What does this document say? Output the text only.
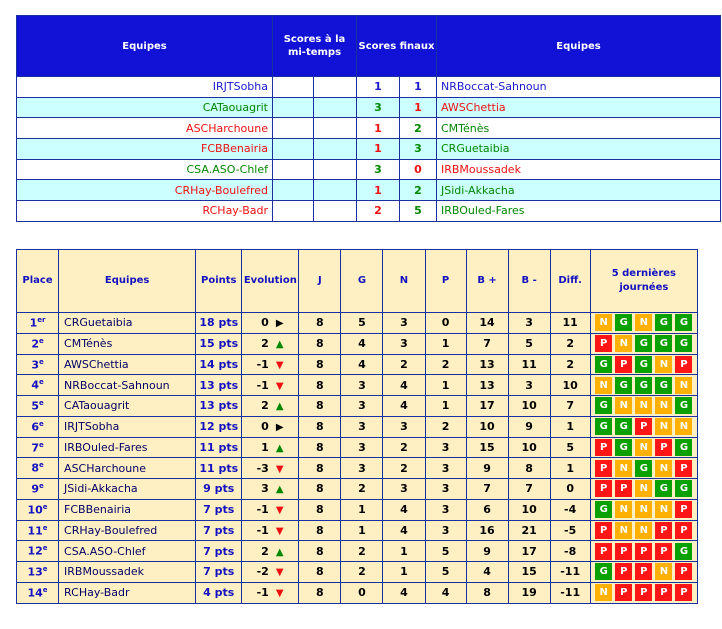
Equipes	Scores à la mi-temps		Scores finaux		Equipes
IRJTSobha			1	1	NRBoccat-Sahnoun
CATaouagrit			3	1	AWSChettia
ASCHarchoune			1	2	CMTénès
FCBBenairia			1	3	CRGuetaibia
CSA.ASO-Chlef			3	0	IRBMoussadek
CRHay-Boulefred			1	2	JSidi-Akkacha
RCHay-Badr			2	5	IRBOuled-Fares
Place	Equipes	Points	Evolution		J	G	N	P	B +	B -	Diff.	5 dernières journées
1er	CRGuetaibia	18 pts	0	▶	8	5	3	0	14	3	11	N G N G G

2e	CMTénès	15 pts	2	▲	8	4	3	1	7	5	2	P N G G G

3e	AWSChettia	14 pts	-1	▼	8	4	2	2	13	11	2	G P G N P

4e	NRBoccat-Sahnoun	13 pts	-1	▼	8	3	4	1	13	3	10	N G G G N

5e	CATaouagrit	13 pts	2	▲	8	3	4	1	17	10	7	G N N N G

6e	IRJTSobha	12 pts	0	▶	8	3	3	2	10	9	1	G G P N N

7e	IRBOuled-Fares	11 pts	1	▲	8	3	2	3	15	10	5	P G N P G

8e	ASCHarchoune	11 pts	-3	▼	8	3	2	3	9	8	1	P N G N P

9e	JSidi-Akkacha	9 pts	3	▲	8	2	3	3	7	7	0	P P N G G

10e	FCBBenairia	7 pts	-1	▼	8	1	4	3	6	10	-4	G N N N P

11e	CRHay-Boulefred	7 pts	-1	▼	8	1	4	3	16	21	-5	P N N P P

12e	CSA.ASO-Chlef	7 pts	2	▲	8	2	1	5	9	17	-8	P P P P G

13e	IRBMoussadek	7 pts	-2	▼	8	2	1	5	4	15	-11	G P P N P

14e	RCHay-Badr	4 pts	-1	▼	8	0	4	4	8	19	-11	N P P P P
